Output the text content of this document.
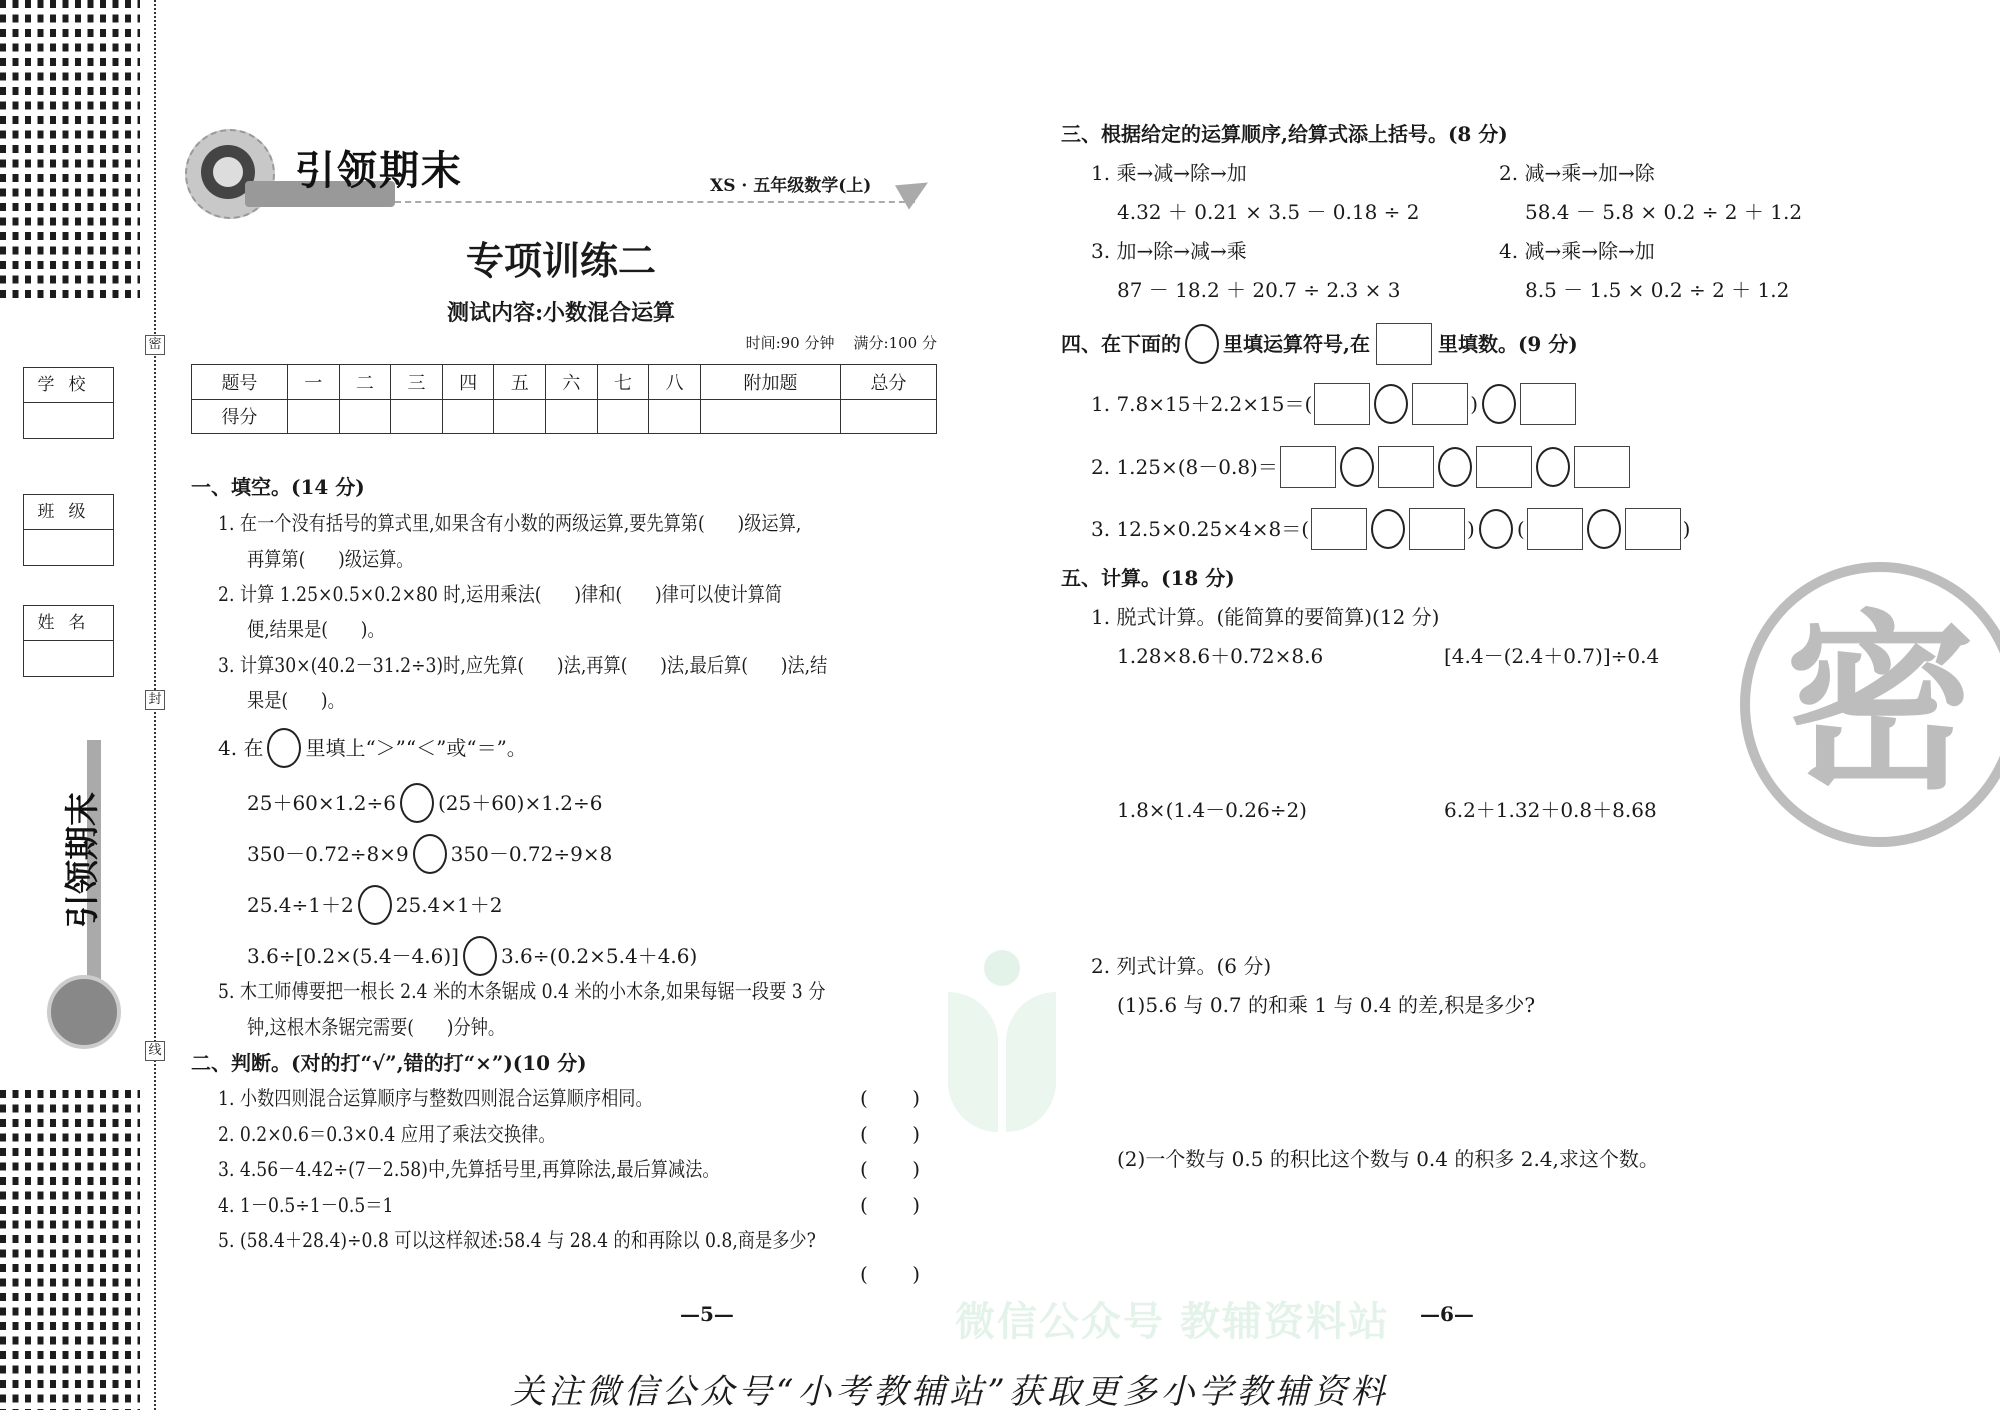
密
封
线
学校
班级
姓名
引领期末
引领期末	XS · 五年级数学(上)
专项训练二
测试内容:小数混合运算
时间:90 分钟    满分:100 分
题号	一	二	三	四	五	六	七	八	附加题	总分
得分										
微信公众号 教辅资料站
一、填空。(14 分)
1. 在一个没有括号的算式里,如果含有小数的两级运算,要先算第(      )级运算,
再算第(      )级运算。
2. 计算 1.25×0.5×0.2×80 时,运用乘法(      )律和(      )律可以使计算简
便,结果是(      )。
3. 计算30×(40.2－31.2÷3)时,应先算(      )法,再算(      )法,最后算(      )法,结
果是(      )。
4. 在 里填上“＞”“＜”或“＝”。
25＋60×1.2÷6 (25＋60)×1.2÷6
350－0.72÷8×9 350－0.72÷9×8
25.4÷1＋2 25.4×1＋2
3.6÷[0.2×(5.4－4.6)] 3.6÷(0.2×5.4＋4.6)
5. 木工师傅要把一根长 2.4 米的木条锯成 0.4 米的小木条,如果每锯一段要 3 分
钟,这根木条锯完需要(      )分钟。
二、判断。(对的打“√”,错的打“×”)(10 分)
1. 小数四则混合运算顺序与整数四则混合运算顺序相同。	(       )
2. 0.2×0.6＝0.3×0.4 应用了乘法交换律。	(       )
3. 4.56－4.42÷(7－2.58)中,先算括号里,再算除法,最后算减法。	(       )
4. 1－0.5÷1－0.5＝1	(       )
5. (58.4＋28.4)÷0.8 可以这样叙述:58.4 与 28.4 的和再除以 0.8,商是多少?
(       )
—5—
三、根据给定的运算顺序,给算式添上括号。(8 分)
1. 乘→减→除→加
4.32 ＋ 0.21 × 3.5 － 0.18 ÷ 2
2. 减→乘→加→除
58.4 － 5.8 × 0.2 ÷ 2 ＋ 1.2
3. 加→除→减→乘
87 － 18.2 ＋ 20.7 ÷ 2.3 × 3
4. 减→乘→除→加
8.5 － 1.5 × 0.2 ÷ 2 ＋ 1.2
四、在下面的 里填运算符号,在	里填数。(9 分)
1. 7.8×15＋2.2×15＝(	)
2. 1.25×(8－0.8)＝
3. 12.5×0.25×4×8＝(	) (	)
五、计算。(18 分)
1. 脱式计算。(能简算的要简算)(12 分)
1.28×8.6＋0.72×8.6	[4.4－(2.4＋0.7)]÷0.4
1.8×(1.4－0.26÷2)	6.2＋1.32＋0.8＋8.68
2. 列式计算。(6 分)
(1)5.6 与 0.7 的和乘 1 与 0.4 的差,积是多少?
(2)一个数与 0.5 的积比这个数与 0.4 的积多 2.4,求这个数。
—6—
密
关注微信公众号“小考教辅站”获取更多小学教辅资料
